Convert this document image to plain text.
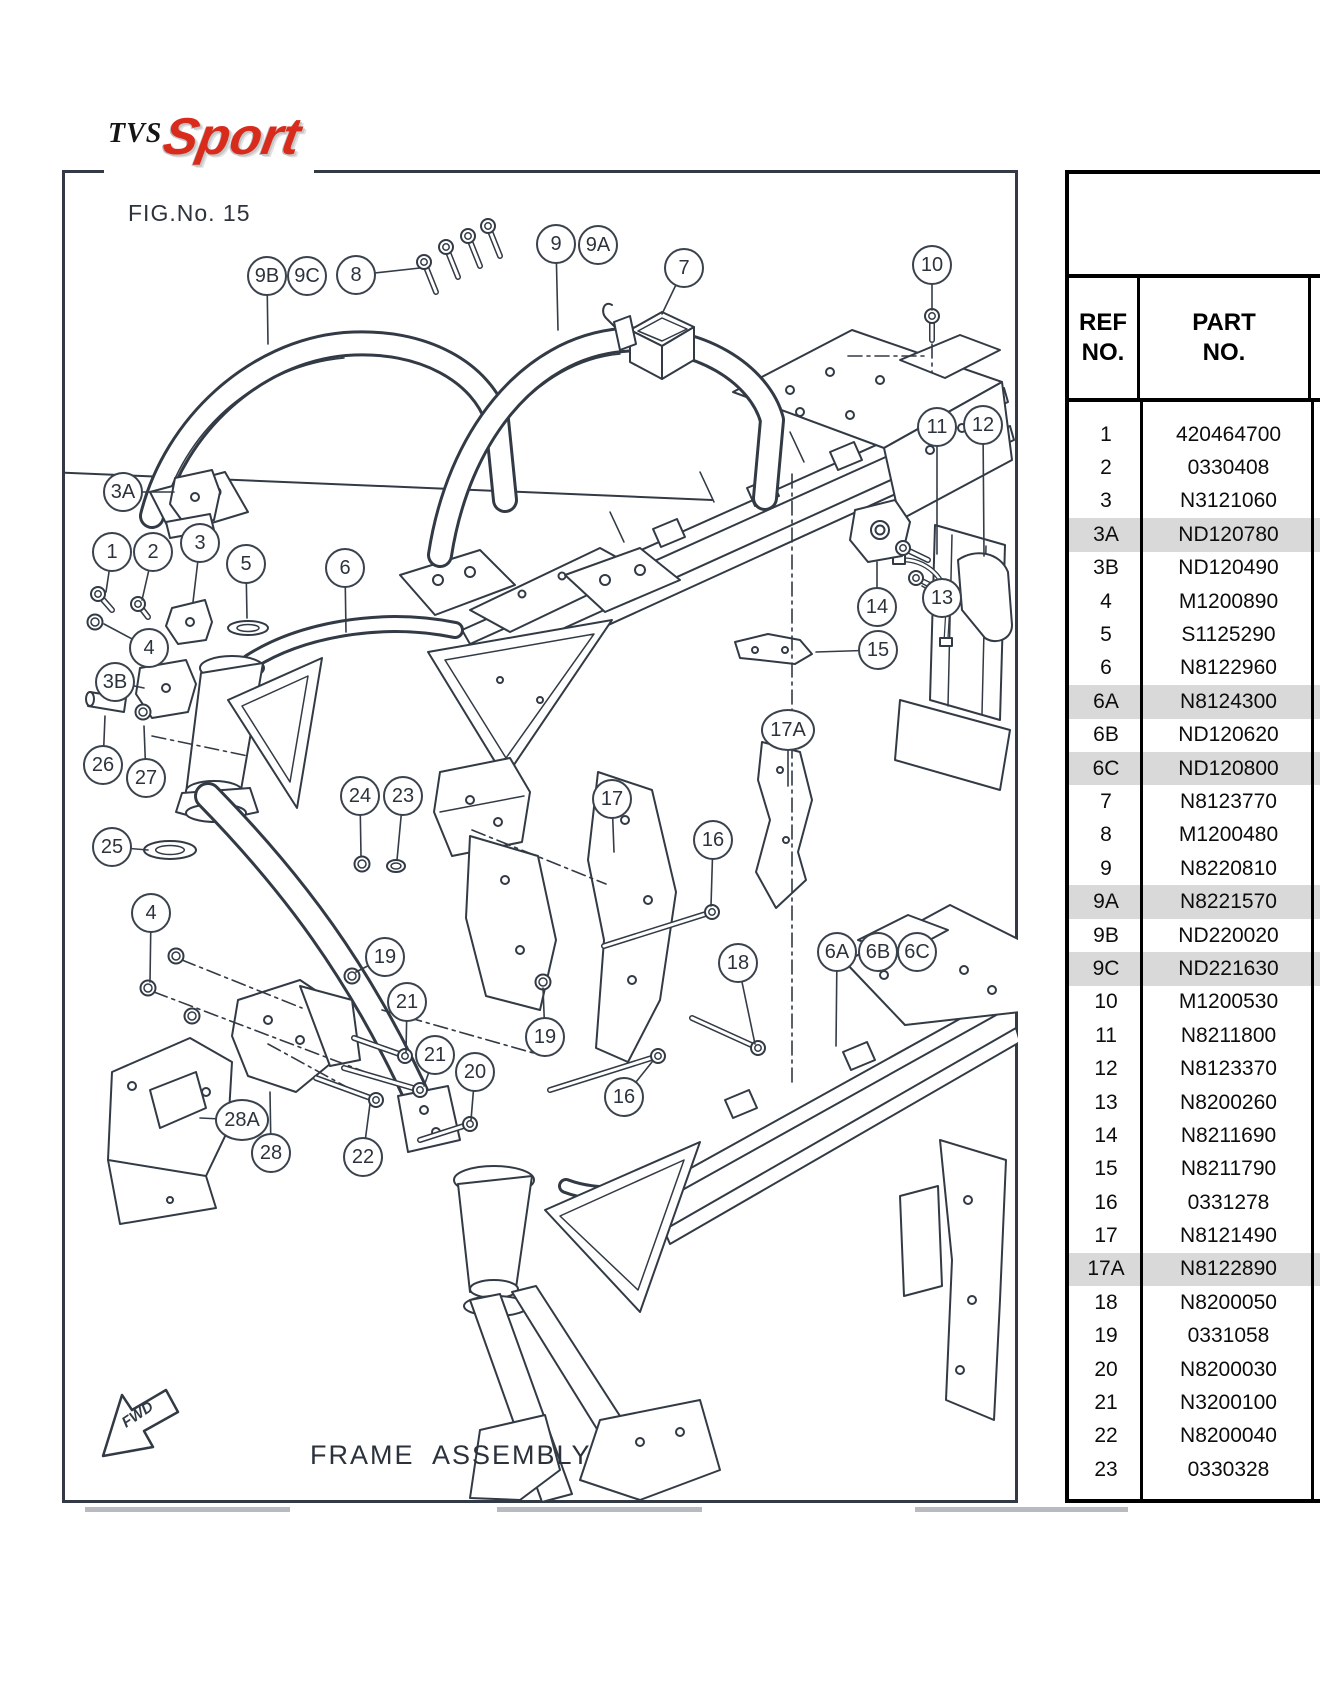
TVS
Sport
FIG.No. 15
FWD
9B 9C	8
9	9A
7	10
11	12
3A
1	2	3
5	6
4
3B
26
27
25
24	23	17
16
17A
14	13
15
4
19
21
21
20
19
16
18	6A 6B 6C
28A
28	22
FRAME  ASSEMBLY
REF
NO.
PART
NO.
1	420464700
2	0330408
3	N3121060
3A	ND120780
3B	ND120490
4	M1200890
5	S1125290
6	N8122960
6A	N8124300
6B	ND120620
6C	ND120800
7	N8123770
8	M1200480
9	N8220810
9A	N8221570
9B	ND220020
9C	ND221630
10	M1200530
11	N8211800
12	N8123370
13	N8200260
14	N8211690
15	N8211790
16	0331278
17	N8121490
17A	N8122890
18	N8200050
19	0331058
20	N8200030
21	N3200100
22	N8200040
23	0330328
